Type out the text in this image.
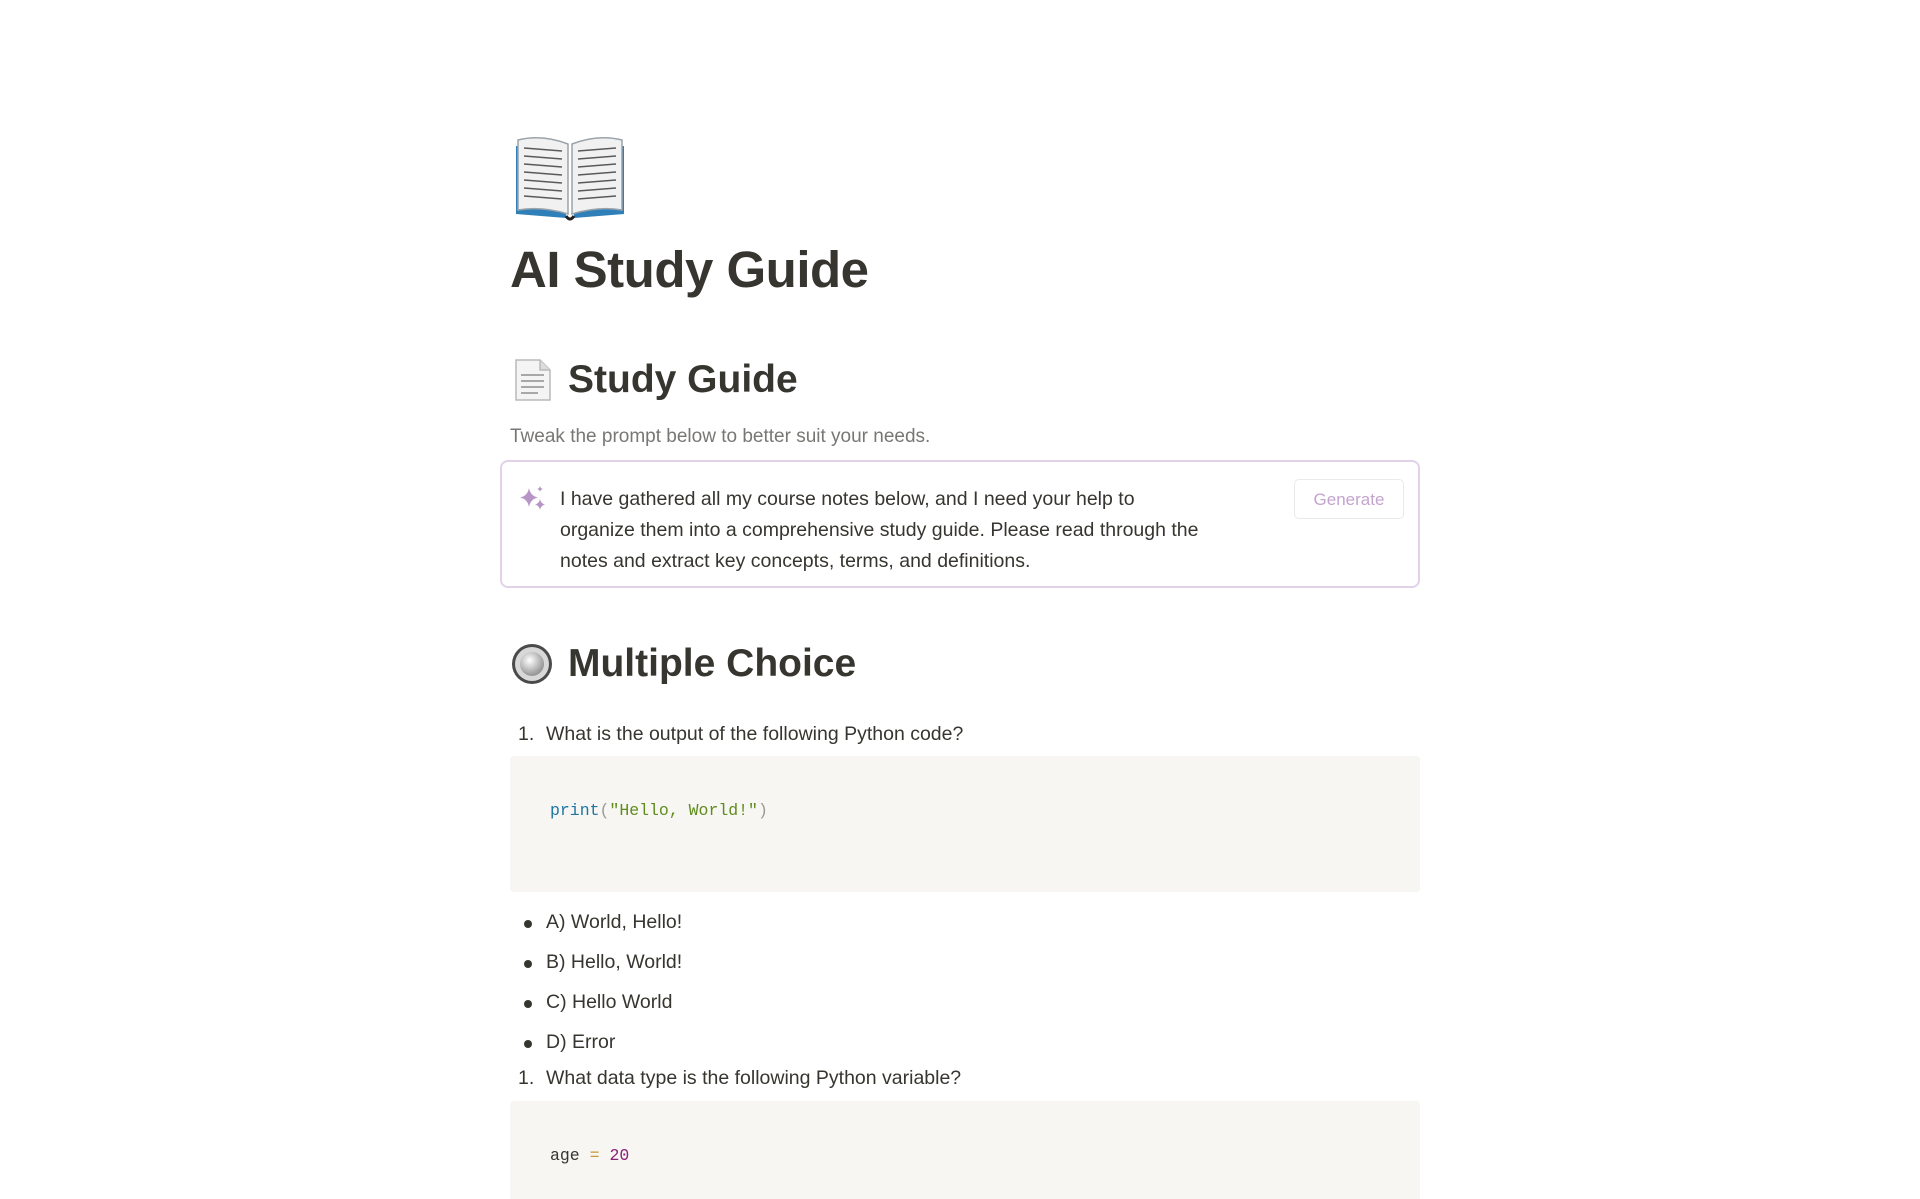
AI Study Guide
Study Guide
Tweak the prompt below to better suit your needs.
I have gathered all my course notes below, and I need your help to
organize them into a comprehensive study guide. Please read through the
notes and extract key concepts, terms, and definitions.
Generate
Multiple Choice
1. What is the output of the following Python code?
print("Hello, World!")
A) World, Hello!
B) Hello, World!
C) Hello World
D) Error
1. What data type is the following Python variable?
age = 20
